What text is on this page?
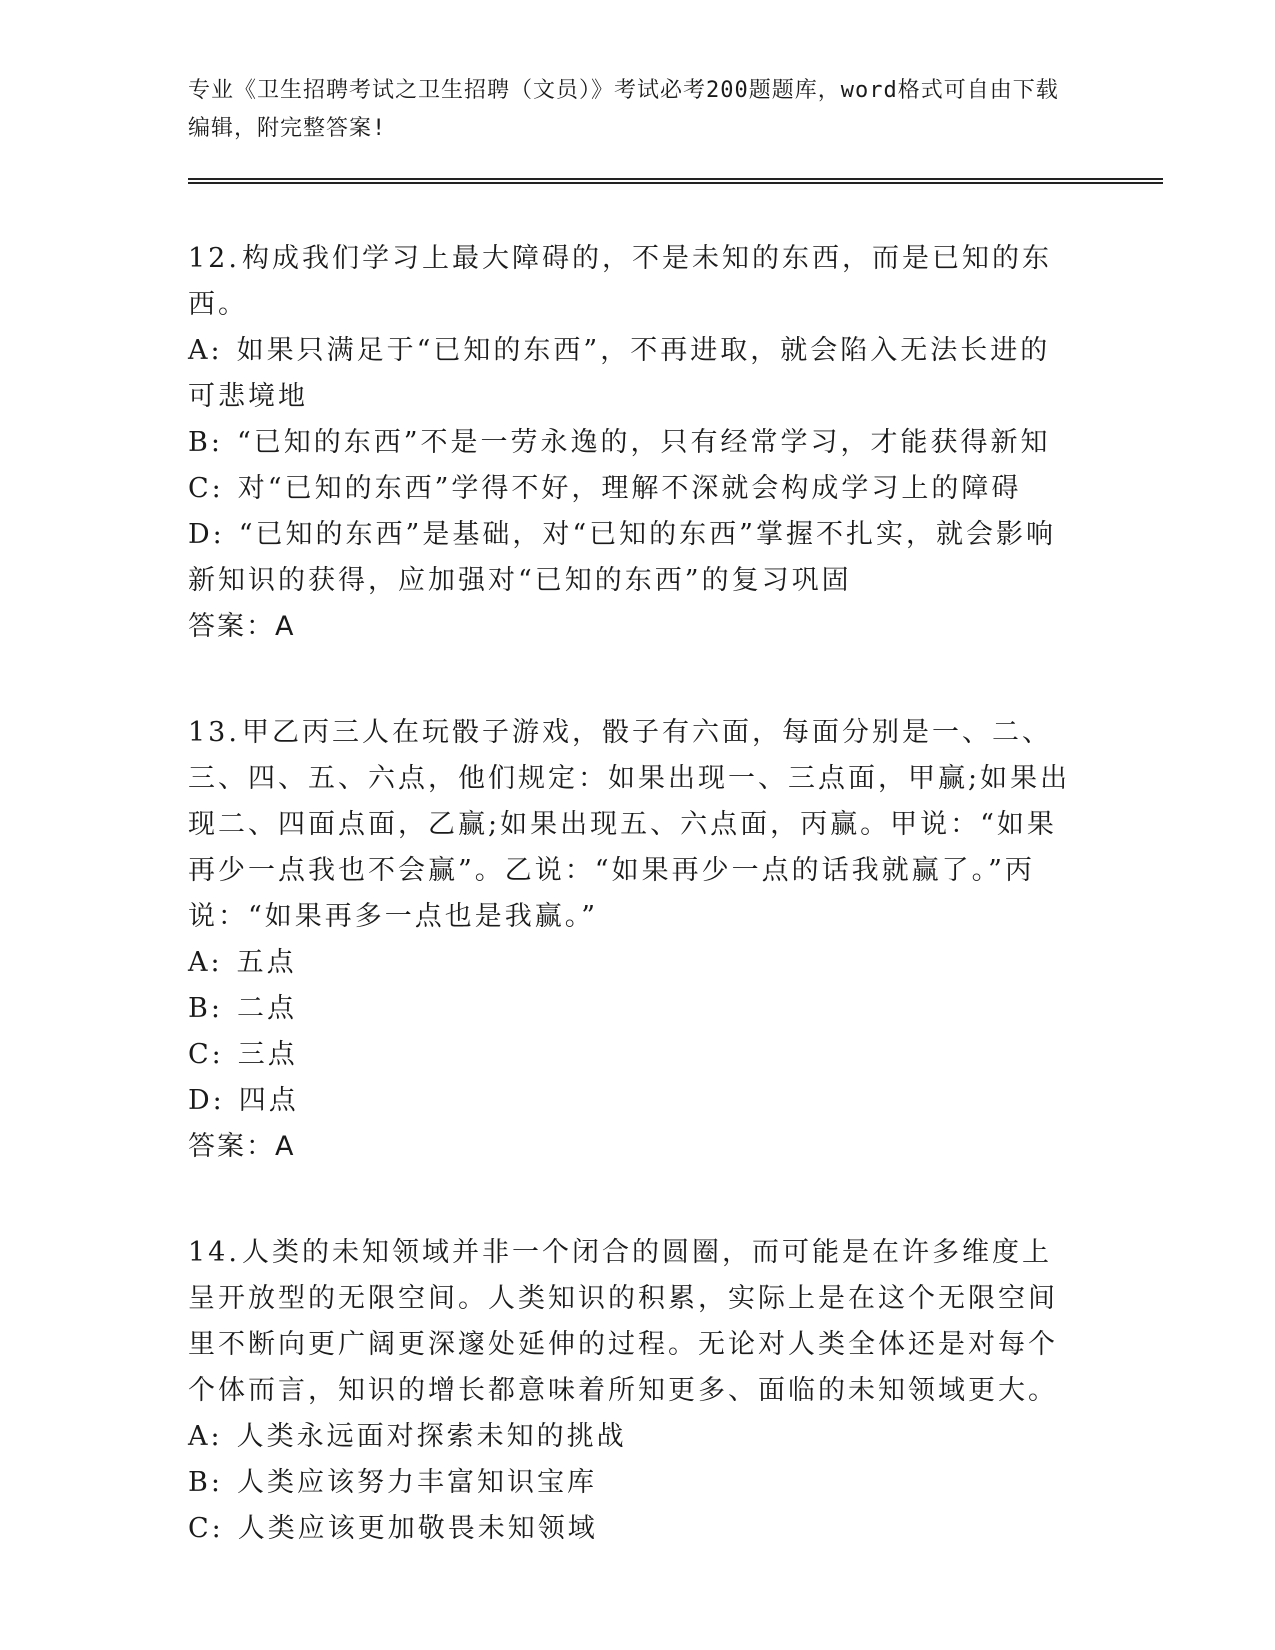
专业《卫生招聘考试之卫生招聘（文员）》考试必考200题题库，word格式可自由下载编辑，附完整答案!

12.构成我们学习上最大障碍的，不是未知的东西，而是已知的东西。

A: 如果只满足于“已知的东西”，不再进取，就会陷入无法长进的可悲境地

B: “已知的东西”不是一劳永逸的，只有经常学习，才能获得新知

C: 对“已知的东西”学得不好，理解不深就会构成学习上的障碍

D: “已知的东西”是基础，对“已知的东西”掌握不扎实，就会影响新知识的获得，应加强对“已知的东西”的复习巩固

答案：A

13.甲乙丙三人在玩骰子游戏，骰子有六面，每面分别是一、二、三、四、五、六点，他们规定：如果出现一、三点面，甲赢;如果出现二、四面点面，乙赢;如果出现五、六点面，丙赢。甲说：“如果再少一点我也不会赢”。乙说：“如果再少一点的话我就赢了。”丙说：“如果再多一点也是我赢。”

A: 五点

B: 二点

C: 三点

D: 四点

答案：A

14.人类的未知领域并非一个闭合的圆圈，而可能是在许多维度上呈开放型的无限空间。人类知识的积累，实际上是在这个无限空间里不断向更广阔更深邃处延伸的过程。无论对人类全体还是对每个个体而言，知识的增长都意味着所知更多、面临的未知领域更大。

A: 人类永远面对探索未知的挑战

B: 人类应该努力丰富知识宝库

C: 人类应该更加敬畏未知领域
